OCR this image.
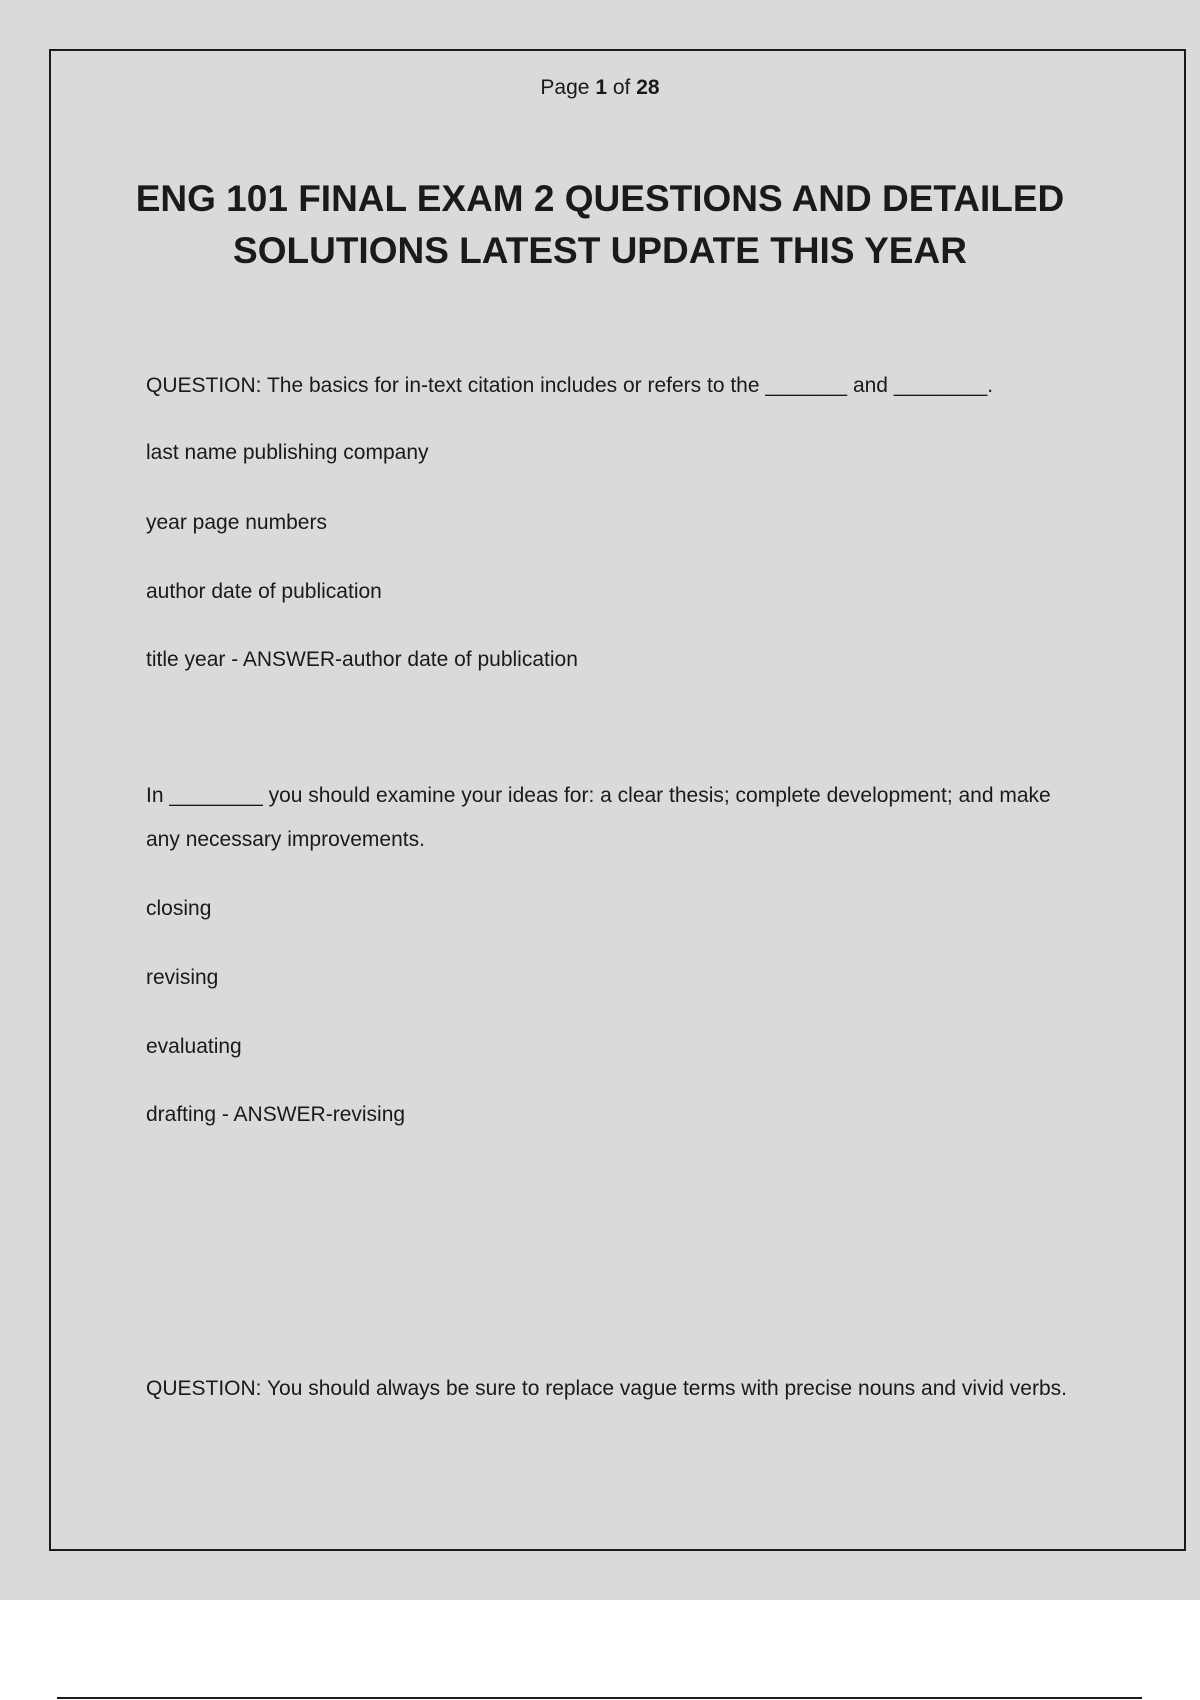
Page 1 of 28
ENG 101 FINAL EXAM 2 QUESTIONS AND DETAILED SOLUTIONS LATEST UPDATE THIS YEAR

QUESTION: The basics for in-text citation includes or refers to the _______ and ________.

last name publishing company

year page numbers

author date of publication

title year - ANSWER-author date of publication

In ________ you should examine your ideas for: a clear thesis; complete development; and make any necessary improvements.

closing

revising

evaluating

drafting - ANSWER-revising

QUESTION: You should always be sure to replace vague terms with precise nouns and vivid verbs.
